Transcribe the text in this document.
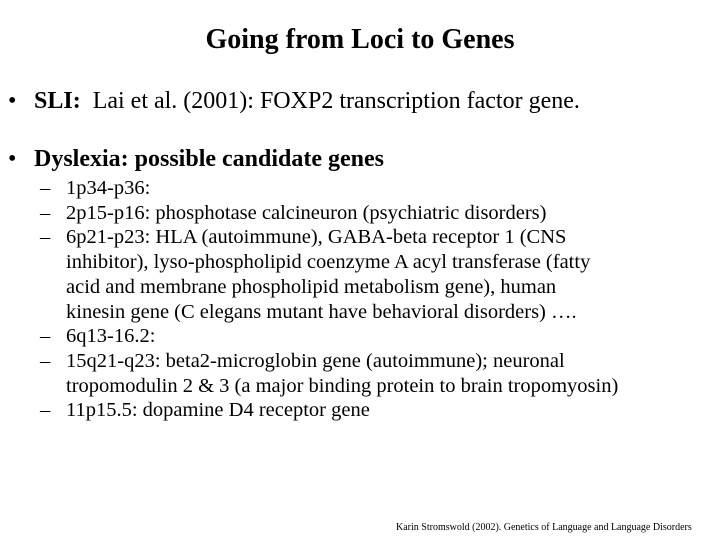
Going from Loci to Genes
• SLI:  Lai et al. (2001): FOXP2 transcription factor gene.
• Dyslexia: possible candidate genes
– 1p34-p36:
– 2p15-p16: phosphotase calcineuron (psychiatric disorders)
– 6p21-p23: HLA (autoimmune), GABA-beta receptor 1 (CNS
inhibitor), lyso-phospholipid coenzyme A acyl transferase (fatty
acid and membrane phospholipid metabolism gene), human
kinesin gene (C elegans mutant have behavioral disorders) ….
– 6q13-16.2:
– 15q21-q23: beta2-microglobin gene (autoimmune); neuronal
tropomodulin 2 & 3 (a major binding protein to brain tropomyosin)
– 11p15.5: dopamine D4 receptor gene
Karin Stromswold (2002). Genetics of Language and Language Disorders
